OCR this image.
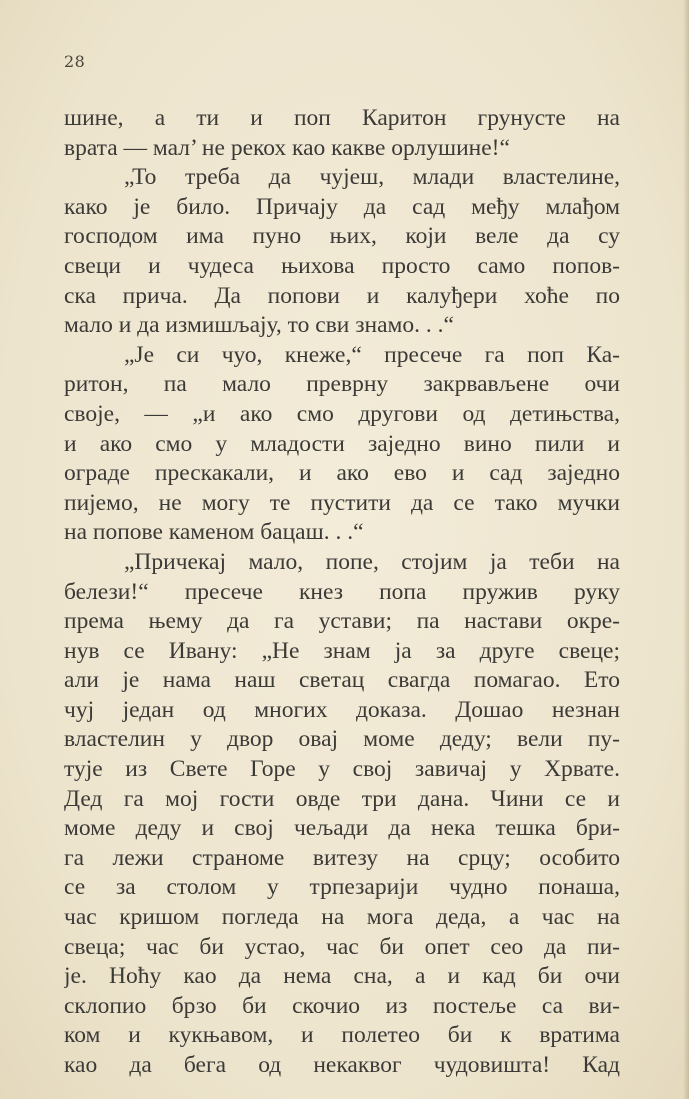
28
шине, а ти и поп Каритон грунусте на
врата — мал’ не рекох као какве орлушине!“
„То треба да чујеш, млади властелине,
како је било. Причају да сад међу млађом
господом има пуно њих, који веле да су
свеци и чудеса њихова просто само попов-
ска прича. Да попови и калуђери хоће по
мало и да измишљају, то сви знамо. . .“
„Је си чуо, кнеже,“ пресече га поп Ка-
ритон, па мало преврну закрвављене очи
своје, — „и ако смо другови од детињства,
и ако смо у младости заједно вино пили и
ограде прескакали, и ако ево и сад заједно
пијемо, не могу те пустити да се тако мучки
на попове каменом бацаш. . .“
„Причекај мало, попе, стојим ја теби на
белези!“ пресече кнез попа пружив руку
према њему да га устави; па настави окре-
нув се Ивану: „Не знам ја за друге свеце;
али је нама наш светац свагда помагао. Ето
чуј један од многих доказа. Дошао незнан
властелин у двор овај моме деду; вели пу-
тује из Свете Горе у свој завичај у Хрвате.
Дед га мој гости овде три дана. Чини се и
моме деду и свој чељади да нека тешка бри-
га лежи страноме витезу на срцу; особито
се за столом у трпезарији чудно понаша,
час кришом погледа на мога деда, а час на
свеца; час би устао, час би опет сео да пи-
је. Ноћу као да нема сна, а и кад би очи
склопио брзо би скочио из постеље са ви-
ком и кукњавом, и полетео би к вратима
као да бега од некаквог чудовишта! Кад
